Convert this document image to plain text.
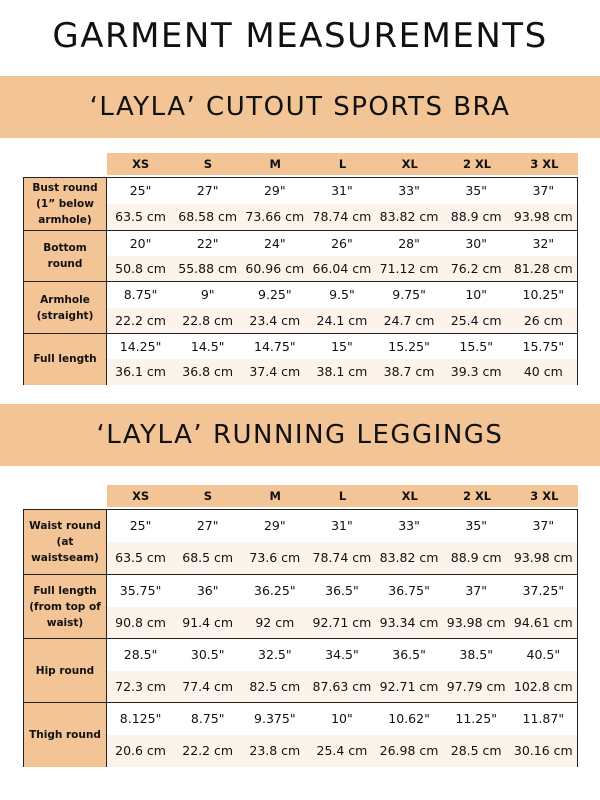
GARMENT MEASUREMENTS
‘LAYLA’ CUTOUT SPORTS BRA
XS	S	M	L	XL	2 XL	3 XL
Bust round (1” below armhole)
25"	27"	29"	31"	33"	35"	37"
63.5 cm 68.58 cm 73.66 cm 78.74 cm 83.82 cm 88.9 cm 93.98 cm
Bottom round
20"	22"	24"	26"	28"	30"	32"
50.8 cm 55.88 cm 60.96 cm 66.04 cm 71.12 cm 76.2 cm 81.28 cm
Armhole (straight)
8.75"	9"	9.25"	9.5"	9.75"	10"	10.25"
22.2 cm	22.8 cm	23.4 cm	24.1 cm	24.7 cm	25.4 cm	26 cm
Full length
14.25"	14.5"	14.75"	15"	15.25"	15.5"	15.75"
36.1 cm	36.8 cm	37.4 cm	38.1 cm	38.7 cm	39.3 cm	40 cm
‘LAYLA’ RUNNING LEGGINGS
XS	S	M	L	XL	2 XL	3 XL
Waist round (at waistseam)
25"	27"	29"	31"	33"	35"	37"
63.5 cm	68.5 cm	73.6 cm 78.74 cm 83.82 cm 88.9 cm 93.98 cm
Full length (from top of waist)
35.75"	36"	36.25"	36.5"	36.75"	37"	37.25"
90.8 cm	91.4 cm	92 cm	92.71 cm 93.34 cm 93.98 cm 94.61 cm
Hip round
28.5"	30.5"	32.5"	34.5"	36.5"	38.5"	40.5"
72.3 cm	77.4 cm	82.5 cm 87.63 cm 92.71 cm 97.79 cm 102.8 cm
Thigh round
8.125"	8.75"	9.375"	10"	10.62"	11.25"	11.87"
20.6 cm	22.2 cm	23.8 cm	25.4 cm 26.98 cm 28.5 cm 30.16 cm
